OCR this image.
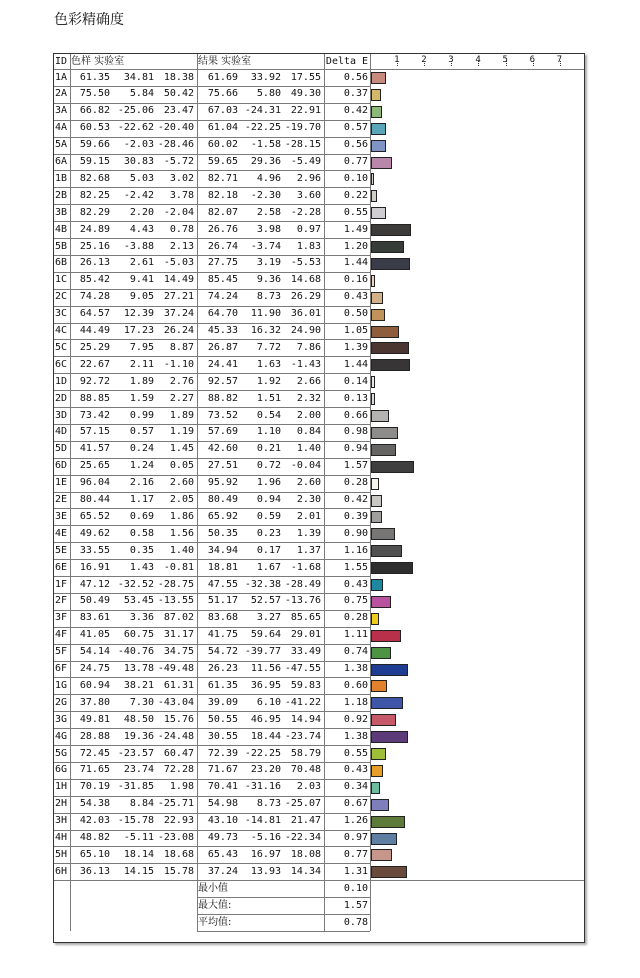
色彩精确度
ID 色样 实验室	结果 实验室	Delta E	1 2 3 4 5 6 7
1A	61.35	34.81 18.38	61.69	33.92 17.55	0.56
2A	75.50	5.84 50.42	75.66	5.80 49.30	0.37
3A	66.82 -25.06 23.47	67.03 -24.31 22.91	0.42
4A	60.53 -22.62 -20.40	61.04 -22.25 -19.70	0.57
5A	59.66	-2.03 -28.46	60.02	-1.58 -28.15	0.56
6A	59.15	30.83 -5.72	59.65	29.36 -5.49	0.77
1B	82.68	5.03	3.02	82.71	4.96	2.96	0.10
2B	82.25	-2.42	3.78	82.18	-2.30	3.60	0.22
3B	82.29	2.20 -2.04	82.07	2.58 -2.28	0.55
4B	24.89	4.43	0.78	26.76	3.98	0.97	1.49
5B	25.16	-3.88	2.13	26.74	-3.74	1.83	1.20
6B	26.13	2.61 -5.03	27.75	3.19 -5.53	1.44
1C	85.42	9.41 14.49	85.45	9.36 14.68	0.16
2C	74.28	9.05 27.21	74.24	8.73 26.29	0.43
3C	64.57	12.39 37.24	64.70	11.90 36.01	0.50
4C	44.49	17.23 26.24	45.33	16.32 24.90	1.05
5C	25.29	7.95	8.87	26.87	7.72	7.86	1.39
6C	22.67	2.11 -1.10	24.41	1.63 -1.43	1.44
1D	92.72	1.89	2.76	92.57	1.92	2.66	0.14
2D	88.85	1.59	2.27	88.82	1.51	2.32	0.13
3D	73.42	0.99	1.89	73.52	0.54	2.00	0.66
4D	57.15	0.57	1.19	57.69	1.10	0.84	0.98
5D	41.57	0.24	1.45	42.60	0.21	1.40	0.94
6D	25.65	1.24	0.05	27.51	0.72 -0.04	1.57
1E	96.04	2.16	2.60	95.92	1.96	2.60	0.28
2E	80.44	1.17	2.05	80.49	0.94	2.30	0.42
3E	65.52	0.69	1.86	65.92	0.59	2.01	0.39
4E	49.62	0.58	1.56	50.35	0.23	1.39	0.90
5E	33.55	0.35	1.40	34.94	0.17	1.37	1.16
6E	16.91	1.43 -0.81	18.81	1.67 -1.68	1.55
1F	47.12 -32.52 -28.75	47.55 -32.38 -28.49	0.43
2F	50.49	53.45 -13.55	51.17	52.57 -13.76	0.75
3F	83.61	3.36 87.02	83.68	3.27 85.65	0.28
4F	41.05	60.75 31.17	41.75	59.64 29.01	1.11
5F	54.14 -40.76 34.75	54.72 -39.77 33.49	0.74
6F	24.75	13.78 -49.48	26.23	11.56 -47.55	1.38
1G	60.94	38.21 61.31	61.35	36.95 59.83	0.60
2G	37.80	7.30 -43.04	39.09	6.10 -41.22	1.18
3G	49.81	48.50 15.76	50.55	46.95 14.94	0.92
4G	28.88	19.36 -24.48	30.55	18.44 -23.74	1.38
5G	72.45 -23.57 60.47	72.39 -22.25 58.79	0.55
6G	71.65	23.74 72.28	71.67	23.20 70.48	0.43
1H	70.19 -31.85	1.98	70.41 -31.16	2.03	0.34
2H	54.38	8.84 -25.71	54.98	8.73 -25.07	0.67
3H	42.03 -15.78 22.93	43.10 -14.81 21.47	1.26
4H	48.82	-5.11 -23.08	49.73	-5.16 -22.34	0.97
5H	65.10	18.14 18.68	65.43	16.97 18.08	0.77
6H	36.13	14.15 15.78	37.24	13.93 14.34	1.31
最小值	0.10
最大值:	1.57
平均值:	0.78
